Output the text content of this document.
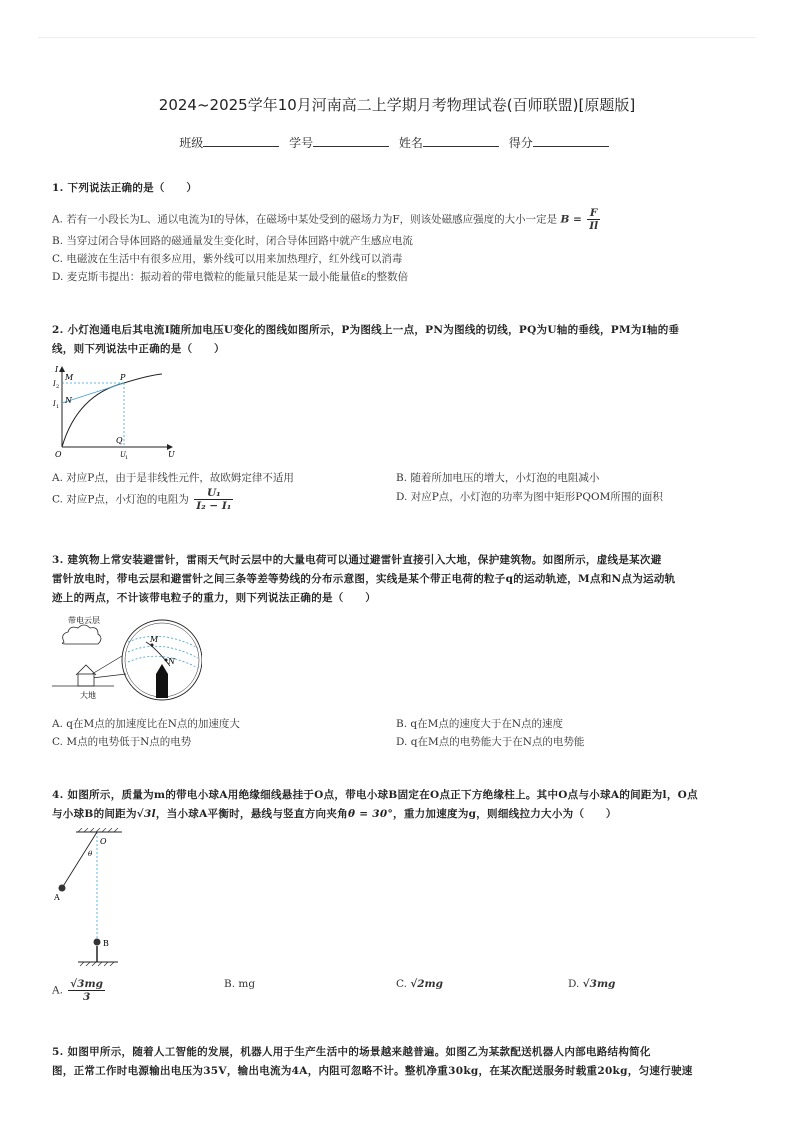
2024~2025学年10月河南高二上学期月考物理试卷(百师联盟)[原题版]
班级	学号	姓名	得分
1. 下列说法正确的是（　　）
A. 若有一小段长为L、通以电流为I的导体，在磁场中某处受到的磁场力为F，则该处磁感应强度的大小一定是 $B = \frac{F}{Il}$
B. 当穿过闭合导体回路的磁通量发生变化时，闭合导体回路中就产生感应电流
C. 电磁波在生活中有很多应用，紫外线可以用来加热理疗，红外线可以消毒
D. 麦克斯韦提出：振动着的带电微粒的能量只能是某一最小能量值ε的整数倍
2. 小灯泡通电后其电流I随所加电压U变化的图线如图所示，P为图线上一点，PN为图线的切线，PQ为U轴的垂线，PM为I轴的垂
线，则下列说法中正确的是（　　）
I
U
O
I 2
I 1
M	P
N
Q
U 1
A. 对应P点，由于是非线性元件，故欧姆定律不适用	B. 随着所加电压的增大，小灯泡的电阻减小
C. 对应P点，小灯泡的电阻为 $\frac{\text{U₁}}{\text{I₂ − I₁}}$	D. 对应P点，小灯泡的功率为图中矩形PQOM所围的面积
3. 建筑物上常安装避雷针，雷雨天气时云层中的大量电荷可以通过避雷针直接引入大地，保护建筑物。如图所示，虚线是某次避
雷针放电时，带电云层和避雷针之间三条等差等势线的分布示意图，实线是某个带正电荷的粒子q的运动轨迹，M点和N点为运动轨
迹上的两点，不计该带电粒子的重力，则下列说法正确的是（　　）
带电云层
M
N
大地
A. q在M点的加速度比在N点的加速度大	B. q在M点的速度大于在N点的速度
C. M点的电势低于N点的电势	D. q在M点的电势能大于在N点的电势能
4. 如图所示，质量为m的带电小球A用绝缘细线悬挂于O点，带电小球B固定在O点正下方绝缘柱上。其中O点与小球A的间距为l，O点
与小球B的间距为√3l，当小球A平衡时，悬线与竖直方向夹角θ = 30°，重力加速度为g，则细线拉力大小为（　　）
O
θ
A
B
A. $\frac{√3mg}{3}$	B. mg	C. √2mg	D. √3mg
5. 如图甲所示，随着人工智能的发展，机器人用于生产生活中的场景越来越普遍。如图乙为某款配送机器人内部电路结构简化
图，正常工作时电源输出电压为35V，输出电流为4A，内阻可忽略不计。整机净重30kg，在某次配送服务时载重20kg，匀速行驶速
